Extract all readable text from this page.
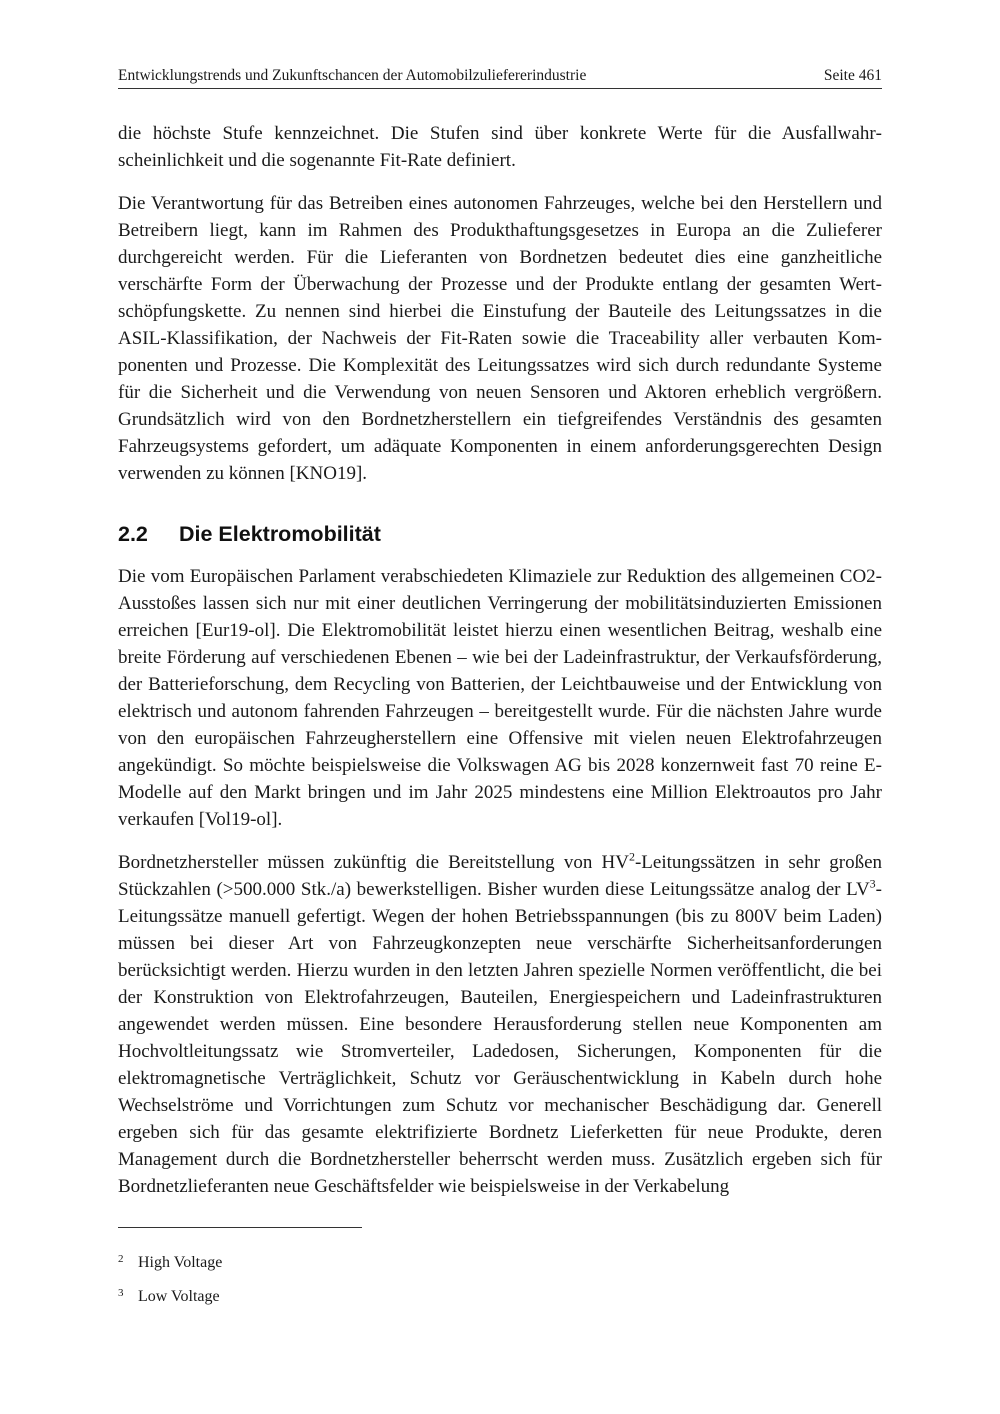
Entwicklungstrends und Zukunftschancen der Automobilzuliefererindustrie	Seite 461

die höchste Stufe kennzeichnet. Die Stufen sind über konkrete Werte für die Ausfallwahrscheinlichkeit und die sogenannte Fit-Rate definiert.

Die Verantwortung für das Betreiben eines autonomen Fahrzeuges, welche bei den Herstellern und Betreibern liegt, kann im Rahmen des Produkthaftungsgesetzes in Europa an die Zulieferer durchgereicht werden. Für die Lieferanten von Bordnetzen bedeutet dies eine ganzheitliche verschärfte Form der Überwachung der Prozesse und der Produkte entlang der gesamten Wertschöpfungskette. Zu nennen sind hierbei die Einstufung der Bauteile des Leitungssatzes in die ASIL-Klassifikation, der Nachweis der Fit-Raten sowie die Traceability aller verbauten Komponenten und Prozesse. Die Komplexität des Leitungssatzes wird sich durch redundante Systeme für die Sicherheit und die Verwendung von neuen Sensoren und Aktoren erheblich vergrößern. Grundsätzlich wird von den Bordnetzherstellern ein tiefgreifendes Verständnis des gesamten Fahrzeugsystems gefordert, um adäquate Komponenten in einem anforderungsgerechten Design verwenden zu können [KNO19].

2.2 Die Elektromobilität

Die vom Europäischen Parlament verabschiedeten Klimaziele zur Reduktion des allgemeinen CO2-Ausstoßes lassen sich nur mit einer deutlichen Verringerung der mobilitätsinduzierten Emissionen erreichen [Eur19-ol]. Die Elektromobilität leistet hierzu einen wesentlichen Beitrag, weshalb eine breite Förderung auf verschiedenen Ebenen – wie bei der Ladeinfrastruktur, der Verkaufsförderung, der Batterieforschung, dem Recycling von Batterien, der Leichtbauweise und der Entwicklung von elektrisch und autonom fahrenden Fahrzeugen – bereitgestellt wurde. Für die nächsten Jahre wurde von den europäischen Fahrzeugherstellern eine Offensive mit vielen neuen Elektrofahrzeugen angekündigt. So möchte beispielsweise die Volkswagen AG bis 2028 konzernweit fast 70 reine E-Modelle auf den Markt bringen und im Jahr 2025 mindestens eine Million Elektroautos pro Jahr verkaufen [Vol19-ol].

Bordnetzhersteller müssen zukünftig die Bereitstellung von $HV^2$-Leitungssätzen in sehr großen Stückzahlen (>500.000 Stk./a) bewerkstelligen. Bisher wurden diese Leitungssätze analog der $LV^3$-Leitungssätze manuell gefertigt. Wegen der hohen Betriebsspannungen (bis zu 800V beim Laden) müssen bei dieser Art von Fahrzeugkonzepten neue verschärfte Sicherheitsanforderungen berücksichtigt werden. Hierzu wurden in den letzten Jahren spezielle Normen veröffentlicht, die bei der Konstruktion von Elektrofahrzeugen, Bauteilen, Energiespeichern und Ladeinfrastrukturen angewendet werden müssen. Eine besondere Herausforderung stellen neue Komponenten am Hochvoltleitungssatz wie Stromverteiler, Ladedosen, Sicherungen, Komponenten für die elektromagnetische Verträglichkeit, Schutz vor Geräuschentwicklung in Kabeln durch hohe Wechselströme und Vorrichtungen zum Schutz vor mechanischer Beschädigung dar. Generell ergeben sich für das gesamte elektrifizierte Bordnetz Lieferketten für neue Produkte, deren Management durch die Bordnetzhersteller beherrscht werden muss. Zusätzlich ergeben sich für Bordnetzlieferanten neue Geschäftsfelder wie beispielsweise in der Verkabelung

2 High Voltage
3 Low Voltage
